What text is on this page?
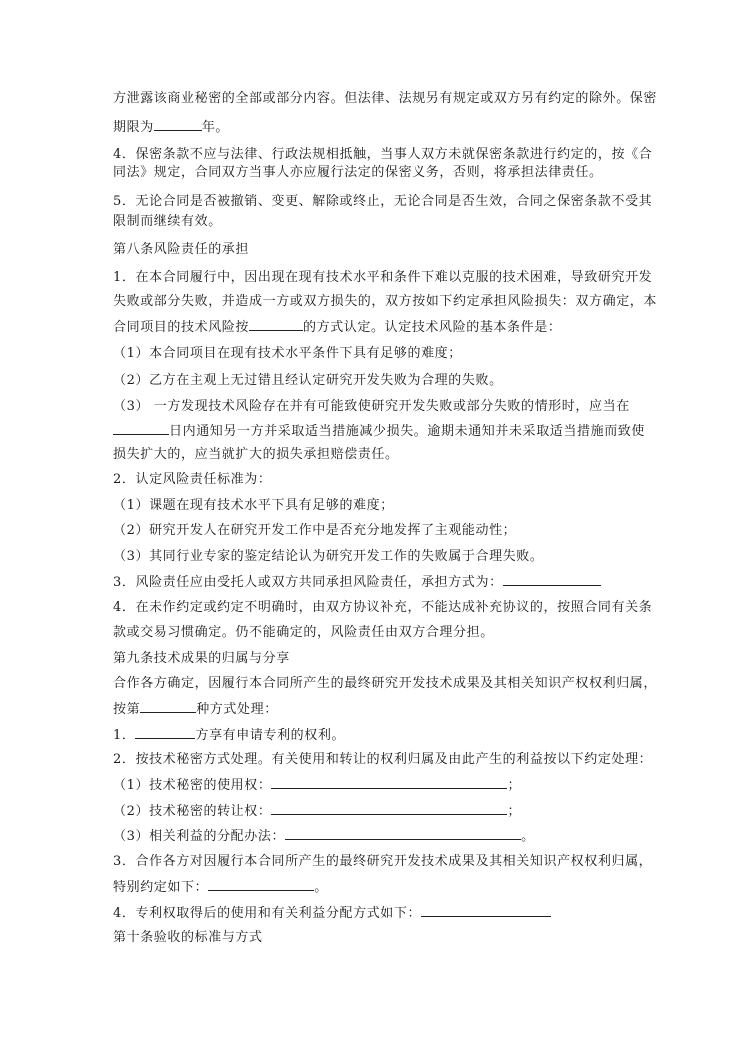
方泄露该商业秘密的全部或部分内容。但法律、法规另有规定或双方另有约定的除外。保密
期限为	年。
4．保密条款不应与法律、行政法规相抵触，当事人双方未就保密条款进行约定的，按《合
同法》规定，合同双方当事人亦应履行法定的保密义务，否则，将承担法律责任。
5．无论合同是否被撤销、变更、解除或终止，无论合同是否生效，合同之保密条款不受其
限制而继续有效。
第八条风险责任的承担
1．在本合同履行中，因出现在现有技术水平和条件下难以克服的技术困难，导致研究开发
失败或部分失败，并造成一方或双方损失的，双方按如下约定承担风险损失：双方确定，本
合同项目的技术风险按	的方式认定。认定技术风险的基本条件是：
（1）本合同项目在现有技术水平条件下具有足够的难度；
（2）乙方在主观上无过错且经认定研究开发失败为合理的失败。
（3） 一方发现技术风险存在并有可能致使研究开发失败或部分失败的情形时，应当在
日内通知另一方并采取适当措施减少损失。逾期未通知并未采取适当措施而致使
损失扩大的，应当就扩大的损失承担赔偿责任。
2．认定风险责任标准为：
（1）课题在现有技术水平下具有足够的难度；
（2）研究开发人在研究开发工作中是否充分地发挥了主观能动性；
（3）其同行业专家的鉴定结论认为研究开发工作的失败属于合理失败。
3．风险责任应由受托人或双方共同承担风险责任，承担方式为：
4．在未作约定或约定不明确时，由双方协议补充，不能达成补充协议的，按照合同有关条
款或交易习惯确定。仍不能确定的，风险责任由双方合理分担。
第九条技术成果的归属与分享
合作各方确定，因履行本合同所产生的最终研究开发技术成果及其相关知识产权权利归属，
按第	种方式处理：
1．	方享有申请专利的权利。
2．按技术秘密方式处理。有关使用和转让的权利归属及由此产生的利益按以下约定处理：
（1）技术秘密的使用权：	；
（2）技术秘密的转让权：	；
（3）相关利益的分配办法：	。
3．合作各方对因履行本合同所产生的最终研究开发技术成果及其相关知识产权权利归属，
特别约定如下：	。
4．专利权取得后的使用和有关利益分配方式如下：
第十条验收的标准与方式
